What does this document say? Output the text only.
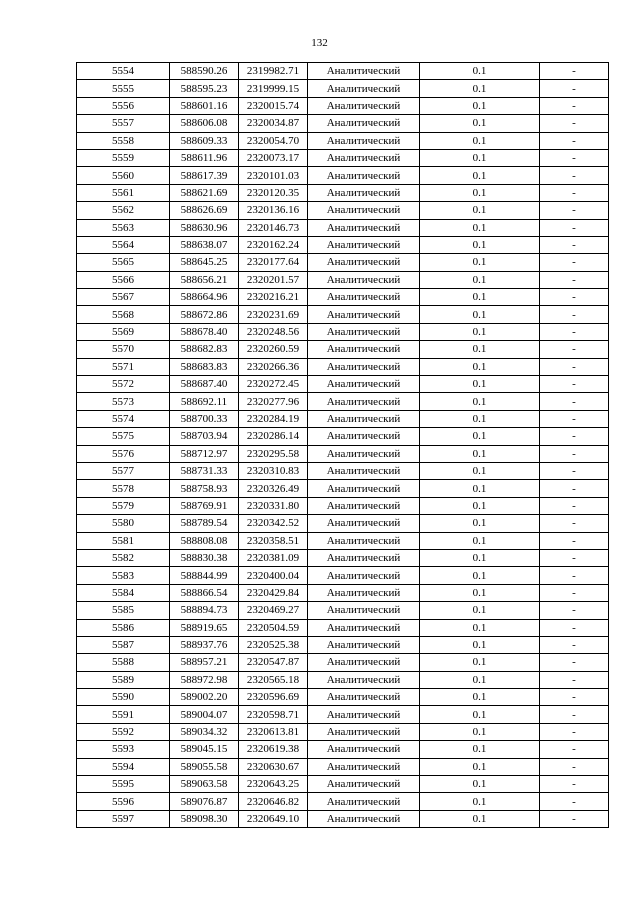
132
5554	588590.26	2319982.71	Аналитический	0.1	-
5555	588595.23	2319999.15	Аналитический	0.1	-
5556	588601.16	2320015.74	Аналитический	0.1	-
5557	588606.08	2320034.87	Аналитический	0.1	-
5558	588609.33	2320054.70	Аналитический	0.1	-
5559	588611.96	2320073.17	Аналитический	0.1	-
5560	588617.39	2320101.03	Аналитический	0.1	-
5561	588621.69	2320120.35	Аналитический	0.1	-
5562	588626.69	2320136.16	Аналитический	0.1	-
5563	588630.96	2320146.73	Аналитический	0.1	-
5564	588638.07	2320162.24	Аналитический	0.1	-
5565	588645.25	2320177.64	Аналитический	0.1	-
5566	588656.21	2320201.57	Аналитический	0.1	-
5567	588664.96	2320216.21	Аналитический	0.1	-
5568	588672.86	2320231.69	Аналитический	0.1	-
5569	588678.40	2320248.56	Аналитический	0.1	-
5570	588682.83	2320260.59	Аналитический	0.1	-
5571	588683.83	2320266.36	Аналитический	0.1	-
5572	588687.40	2320272.45	Аналитический	0.1	-
5573	588692.11	2320277.96	Аналитический	0.1	-
5574	588700.33	2320284.19	Аналитический	0.1	-
5575	588703.94	2320286.14	Аналитический	0.1	-
5576	588712.97	2320295.58	Аналитический	0.1	-
5577	588731.33	2320310.83	Аналитический	0.1	-
5578	588758.93	2320326.49	Аналитический	0.1	-
5579	588769.91	2320331.80	Аналитический	0.1	-
5580	588789.54	2320342.52	Аналитический	0.1	-
5581	588808.08	2320358.51	Аналитический	0.1	-
5582	588830.38	2320381.09	Аналитический	0.1	-
5583	588844.99	2320400.04	Аналитический	0.1	-
5584	588866.54	2320429.84	Аналитический	0.1	-
5585	588894.73	2320469.27	Аналитический	0.1	-
5586	588919.65	2320504.59	Аналитический	0.1	-
5587	588937.76	2320525.38	Аналитический	0.1	-
5588	588957.21	2320547.87	Аналитический	0.1	-
5589	588972.98	2320565.18	Аналитический	0.1	-
5590	589002.20	2320596.69	Аналитический	0.1	-
5591	589004.07	2320598.71	Аналитический	0.1	-
5592	589034.32	2320613.81	Аналитический	0.1	-
5593	589045.15	2320619.38	Аналитический	0.1	-
5594	589055.58	2320630.67	Аналитический	0.1	-
5595	589063.58	2320643.25	Аналитический	0.1	-
5596	589076.87	2320646.82	Аналитический	0.1	-
5597	589098.30	2320649.10	Аналитический	0.1	-
